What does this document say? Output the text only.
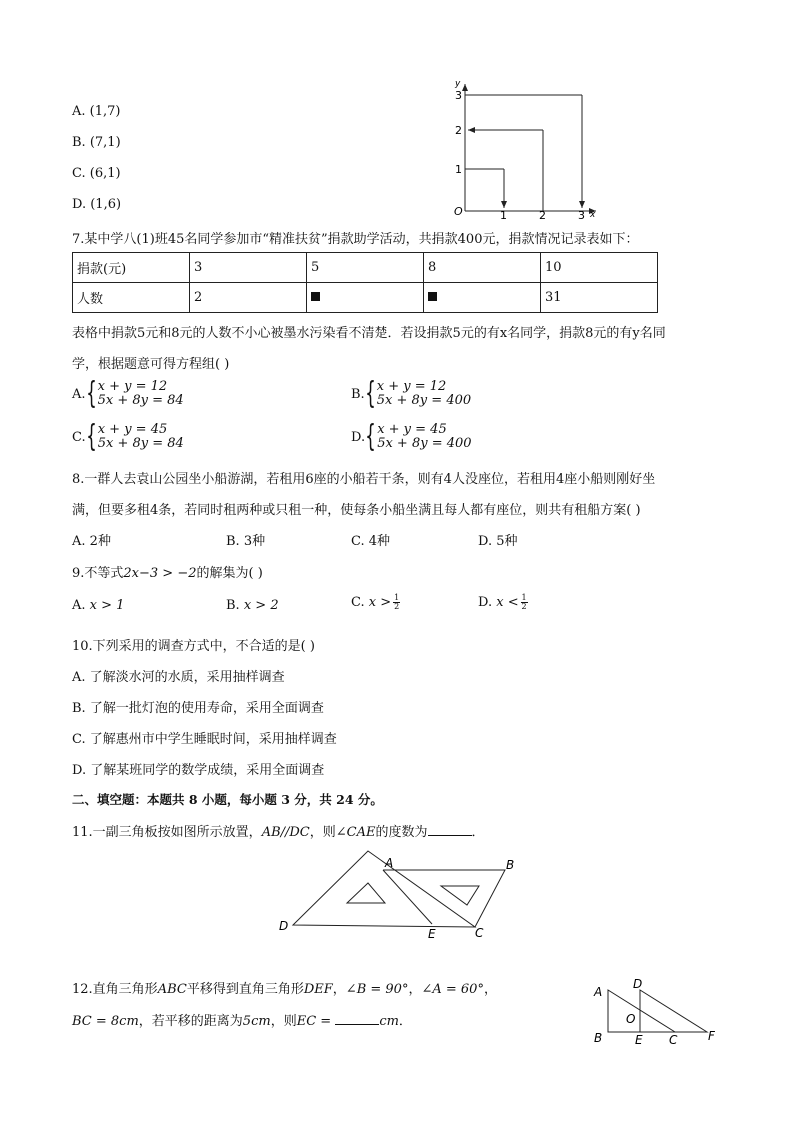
A. (1,7)
B. (7,1)
C. (6,1)
D. (1,6)	O	1	2	3 x
1
2
3
y
7.某中学八(1)班45名同学参加市“精准扶贫”捐款助学活动，共捐款400元，捐款情况记录表如下：
捐款(元)	3	5	8	10
人数	2			31
表格中捐款5元和8元的人数不小心被墨水污染看不清楚．若设捐款5元的有x名同学，捐款8元的有y名同
学，根据题意可得方程组( )
A. { x + y = 12
5x + 8y = 84	B. { x + y = 12
5x + 8y = 400
C. { x + y = 45
5x + 8y = 84	D. { x + y = 45
5x + 8y = 400
8.一群人去袁山公园坐小船游湖，若租用6座的小船若干条，则有4人没座位，若租用4座小船则刚好坐
满，但要多租4条，若同时租两种或只租一种，使每条小船坐满且每人都有座位，则共有租船方案( )
A. 2种	B. 3种	C. 4种	D. 5种
9.不等式2x−3 > −2的解集为( )
A. x > 1	B. x > 2	C. $x > \frac{1}{2}$	D. $x < \frac{1}{2}$
10.下列采用的调查方式中，不合适的是( )
A. 了解淡水河的水质，采用抽样调查
B. 了解一批灯泡的使用寿命，采用全面调查
C. 了解惠州市中学生睡眠时间，采用抽样调查
D. 了解某班同学的数学成绩，采用全面调查
二、填空题：本题共 8 小题，每小题 3 分，共 24 分。
11.一副三角板按如图所示放置，AB//DC，则∠CAE的度数为	．
A	B
C
D
E
12.直角三角形ABC平移得到直角三角形DEF，∠B = 90°，∠A = 60°，
BC = 8cm，若平移的距离为5cm，则EC =	cm．
A
B	C
D
E	F
O
